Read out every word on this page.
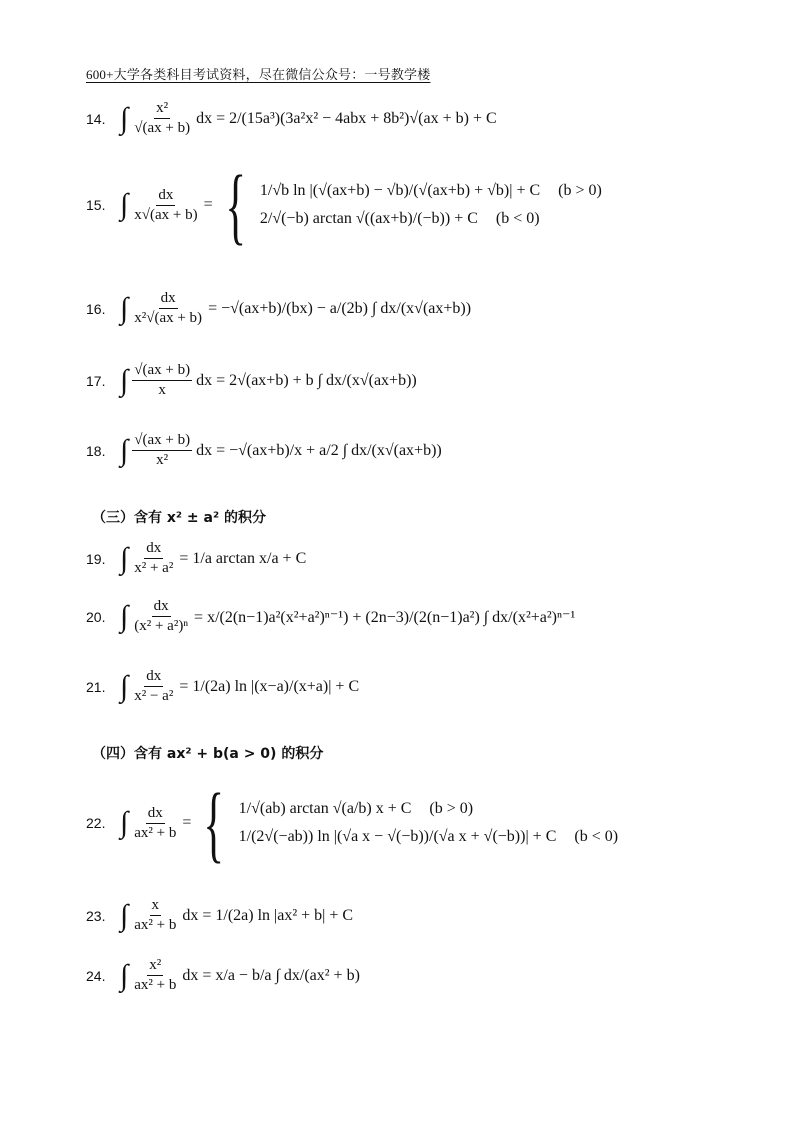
600+大学各类科目考试资料，尽在微信公众号：一号教学楼
14. ∫ $\frac{\text{x²}}{√(ax + b)}$ dx = 2/(15a³)(3a²x² − 4abx + 8b²)√(ax + b) + C
15. ∫ $\frac{dx}{x√(ax + b)}$ = { 1/√b ln |(√(ax+b) − √b)/(√(ax+b) + √b)| + C (b > 0)
2/√(−b) arctan √((ax+b)/(−b)) + C (b < 0)
16. ∫ $\frac{dx}{\text{x²√(ax + b)}} = -√(ax+b)/(bx) - a/(2b)$ ∫ dx/(x√(ax+b))
17. ∫ $\frac{√(ax + b)}{x}$ dx = 2√(ax+b) + b ∫ dx/(x√(ax+b))
18. ∫ $\frac{√(ax + b)}{\text{x²}}$ dx = −√(ax+b)/x + a/2 ∫ dx/(x√(ax+b))
（三）含有 x² ± a² 的积分
19. ∫ $\frac{dx}{\text{x² + a²}} = 1/a$ arctan x/a + C
20. ∫ $\frac{dx}{\text{(x² + a²)ⁿ}} = x/(2(n-1)a^2(x^2+a^2)^{n-1}) + (2n-3)/(2(n-1)a^2)$ ∫ dx/(x²+a²)ⁿ⁻¹
21. ∫ $\frac{dx}{\text{x² − a²}} = 1/(2a)$ ln |(x−a)/(x+a)| + C
（四）含有 ax² + b(a > 0) 的积分
22. ∫ $\frac{dx}{\text{ax² + b}}$ = { 1/√(ab) arctan √(a/b) x + C (b > 0)
1/(2√(−ab)) ln |(√a x − √(−b))/(√a x + √(−b))| + C (b < 0)
23. ∫ $\frac{x}{\text{ax² + b}}$ dx = 1/(2a) ln |ax² + b| + C
24. ∫ $\frac{\text{x²}}{\text{ax² + b}}$ dx = x/a − b/a ∫ dx/(ax² + b)
